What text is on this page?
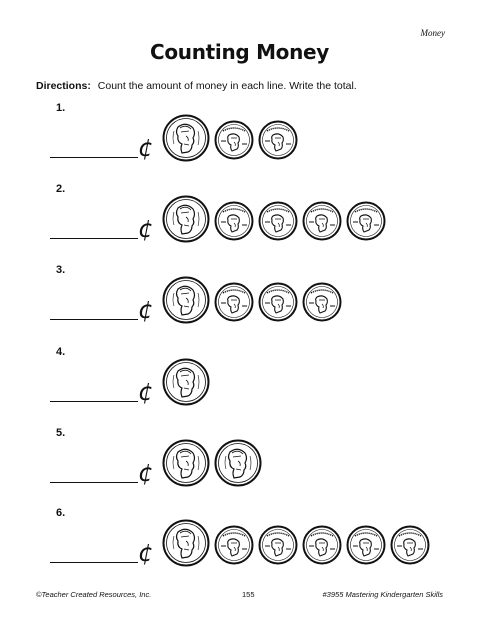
Money
Counting Money
Directions: Count the amount of money in each line. Write the total.
1.
¢
2.
¢
3.
¢
4.
¢
5.
¢
6.
¢
©Teacher Created Resources, Inc.	155	#3955 Mastering Kindergarten Skills
